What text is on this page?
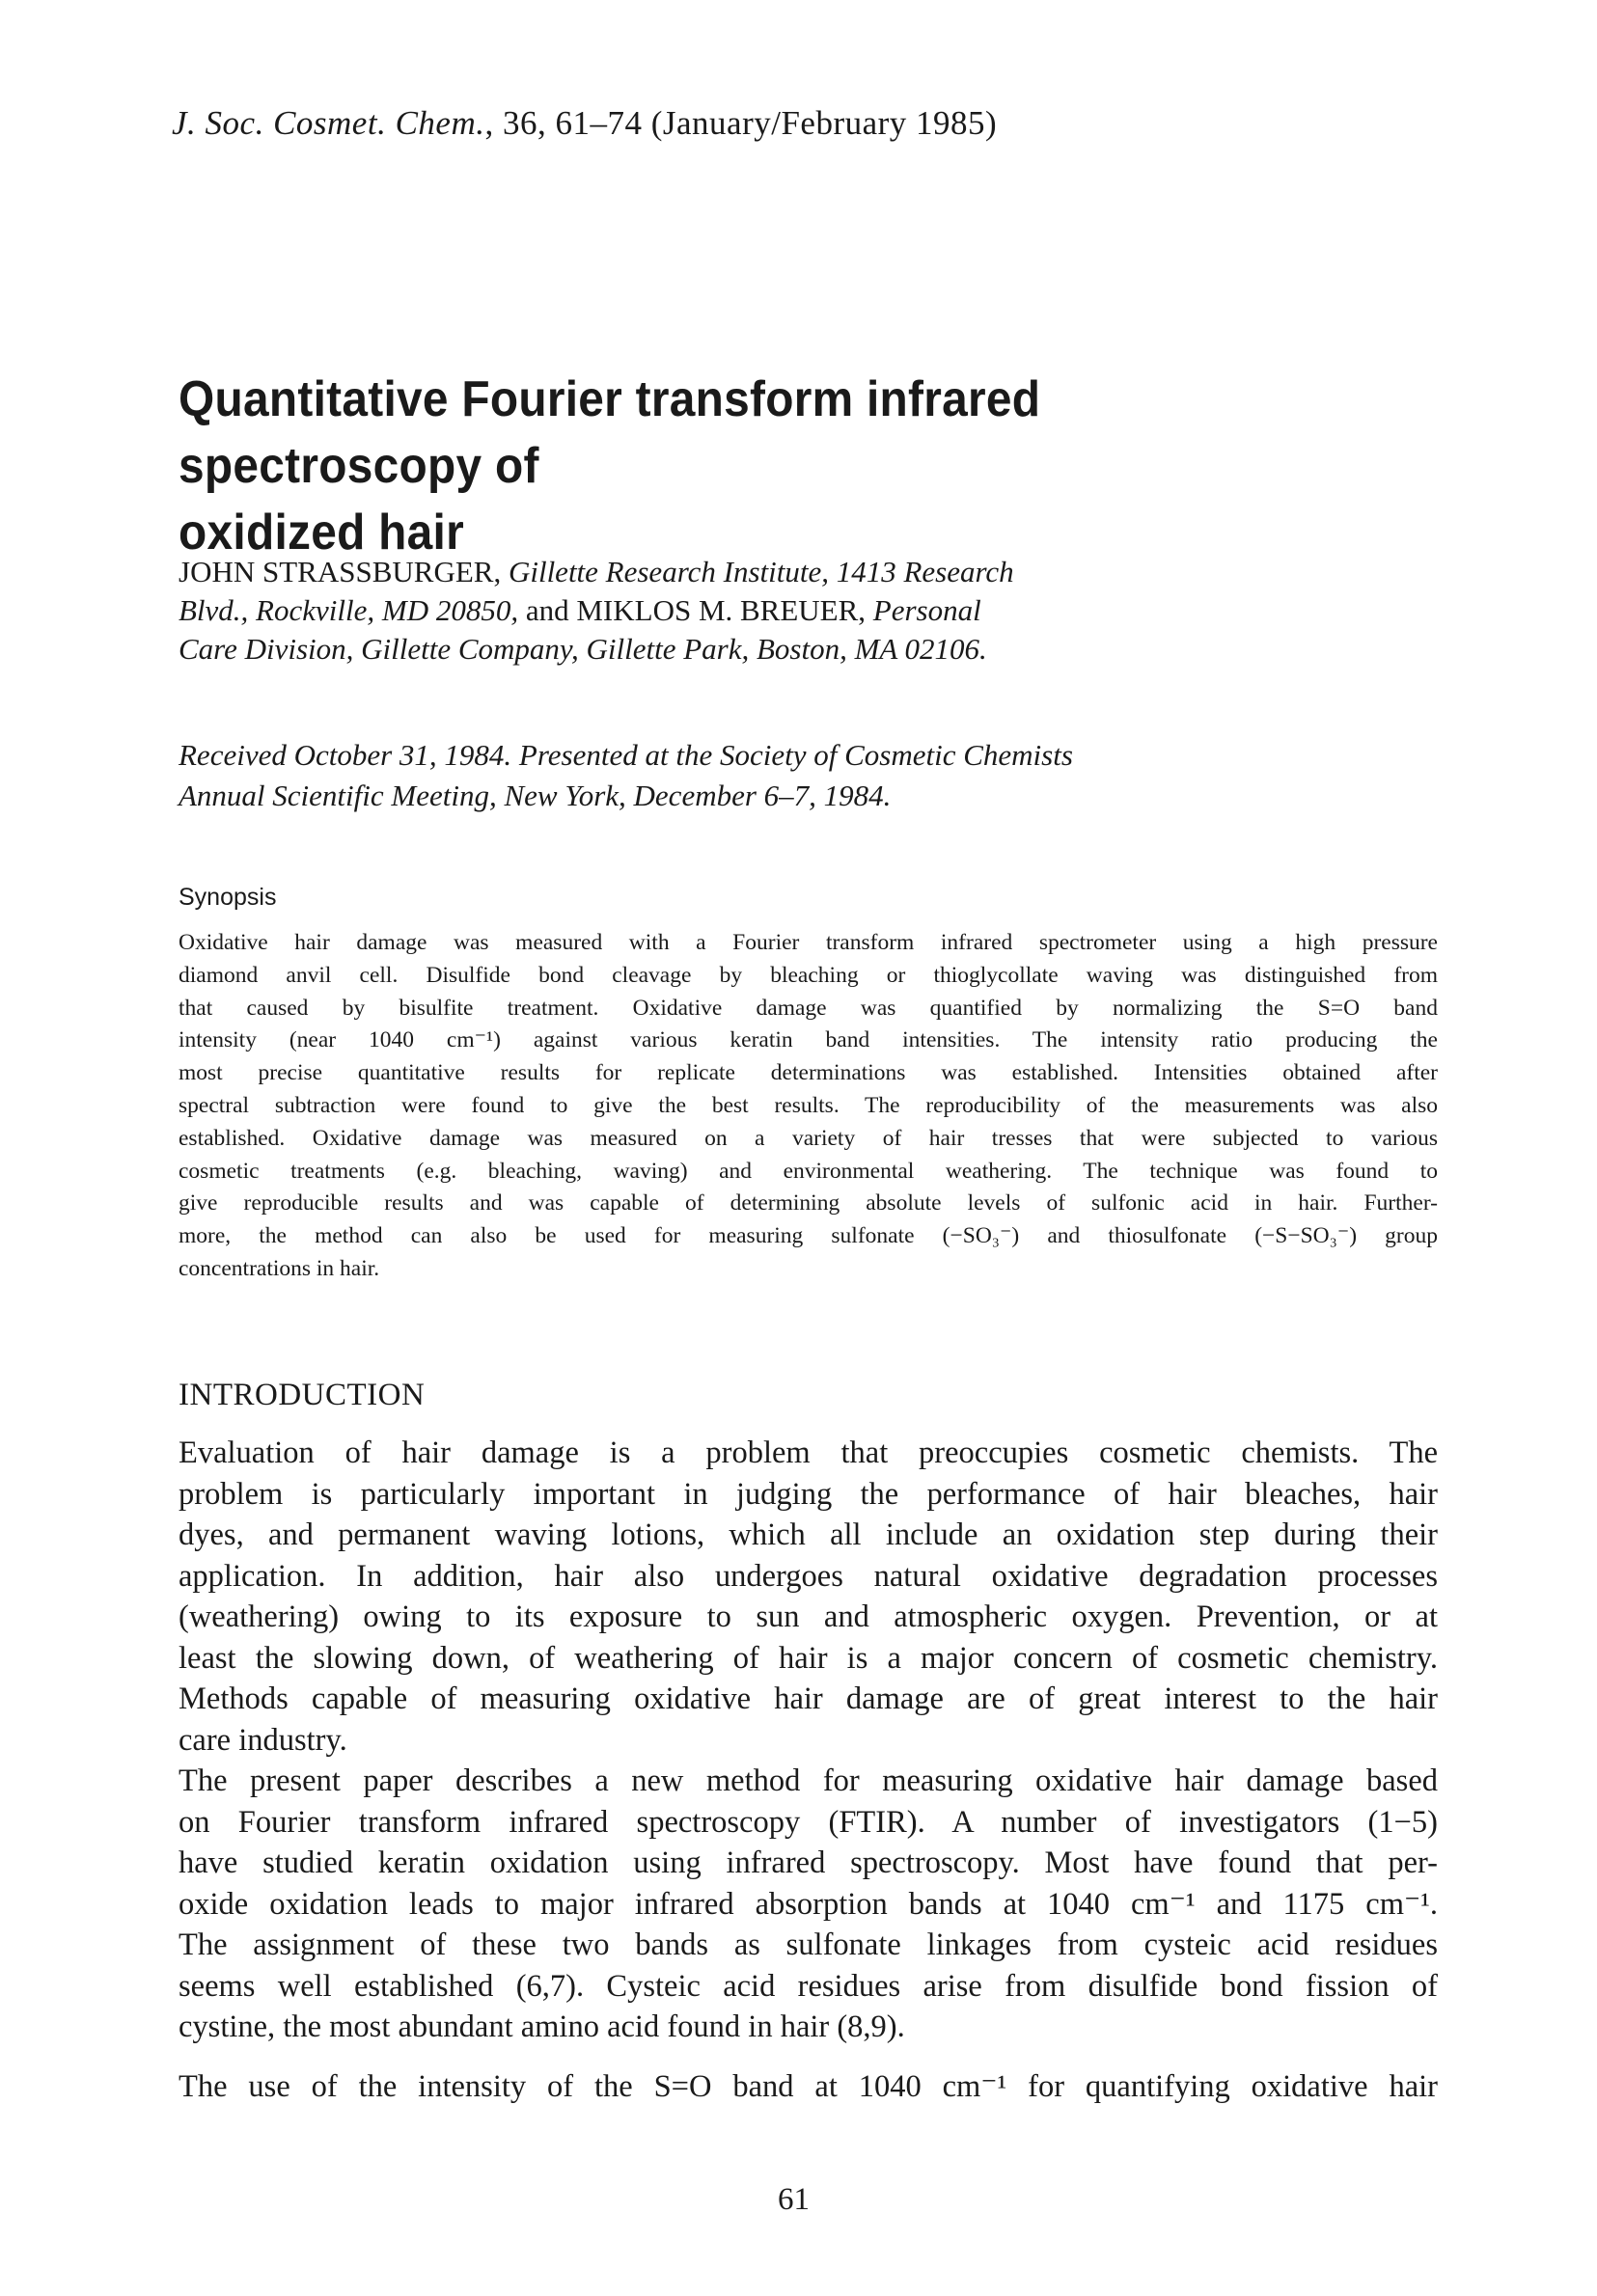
J. Soc. Cosmet. Chem., 36, 61–74 (January/February 1985)
Quantitative Fourier transform infrared spectroscopy of
oxidized hair
JOHN STRASSBURGER, Gillette Research Institute, 1413 Research
Blvd., Rockville, MD 20850, and MIKLOS M. BREUER, Personal
Care Division, Gillette Company, Gillette Park, Boston, MA 02106.
Received October 31, 1984. Presented at the Society of Cosmetic Chemists
Annual Scientific Meeting, New York, December 6–7, 1984.
Synopsis
Oxidative hair damage was measured with a Fourier transform infrared spectrometer using a high pressure
diamond anvil cell. Disulfide bond cleavage by bleaching or thioglycollate waving was distinguished from
that caused by bisulfite treatment. Oxidative damage was quantified by normalizing the S=O band
intensity (near 1040 cm⁻¹) against various keratin band intensities. The intensity ratio producing the
most precise quantitative results for replicate determinations was established. Intensities obtained after
spectral subtraction were found to give the best results. The reproducibility of the measurements was also
established. Oxidative damage was measured on a variety of hair tresses that were subjected to various
cosmetic treatments (e.g. bleaching, waving) and environmental weathering. The technique was found to
give reproducible results and was capable of determining absolute levels of sulfonic acid in hair. Further-
more, the method can also be used for measuring sulfonate (−SO₃⁻) and thiosulfonate (−S−SO₃⁻) group
concentrations in hair.
INTRODUCTION
Evaluation of hair damage is a problem that preoccupies cosmetic chemists. The
problem is particularly important in judging the performance of hair bleaches, hair
dyes, and permanent waving lotions, which all include an oxidation step during their
application. In addition, hair also undergoes natural oxidative degradation processes
(weathering) owing to its exposure to sun and atmospheric oxygen. Prevention, or at
least the slowing down, of weathering of hair is a major concern of cosmetic chemistry.
Methods capable of measuring oxidative hair damage are of great interest to the hair
care industry.
The present paper describes a new method for measuring oxidative hair damage based
on Fourier transform infrared spectroscopy (FTIR). A number of investigators (1−5)
have studied keratin oxidation using infrared spectroscopy. Most have found that per-
oxide oxidation leads to major infrared absorption bands at 1040 cm⁻¹ and 1175 cm⁻¹.
The assignment of these two bands as sulfonate linkages from cysteic acid residues
seems well established (6,7). Cysteic acid residues arise from disulfide bond fission of
cystine, the most abundant amino acid found in hair (8,9).
The use of the intensity of the S=O band at 1040 cm⁻¹ for quantifying oxidative hair
61
